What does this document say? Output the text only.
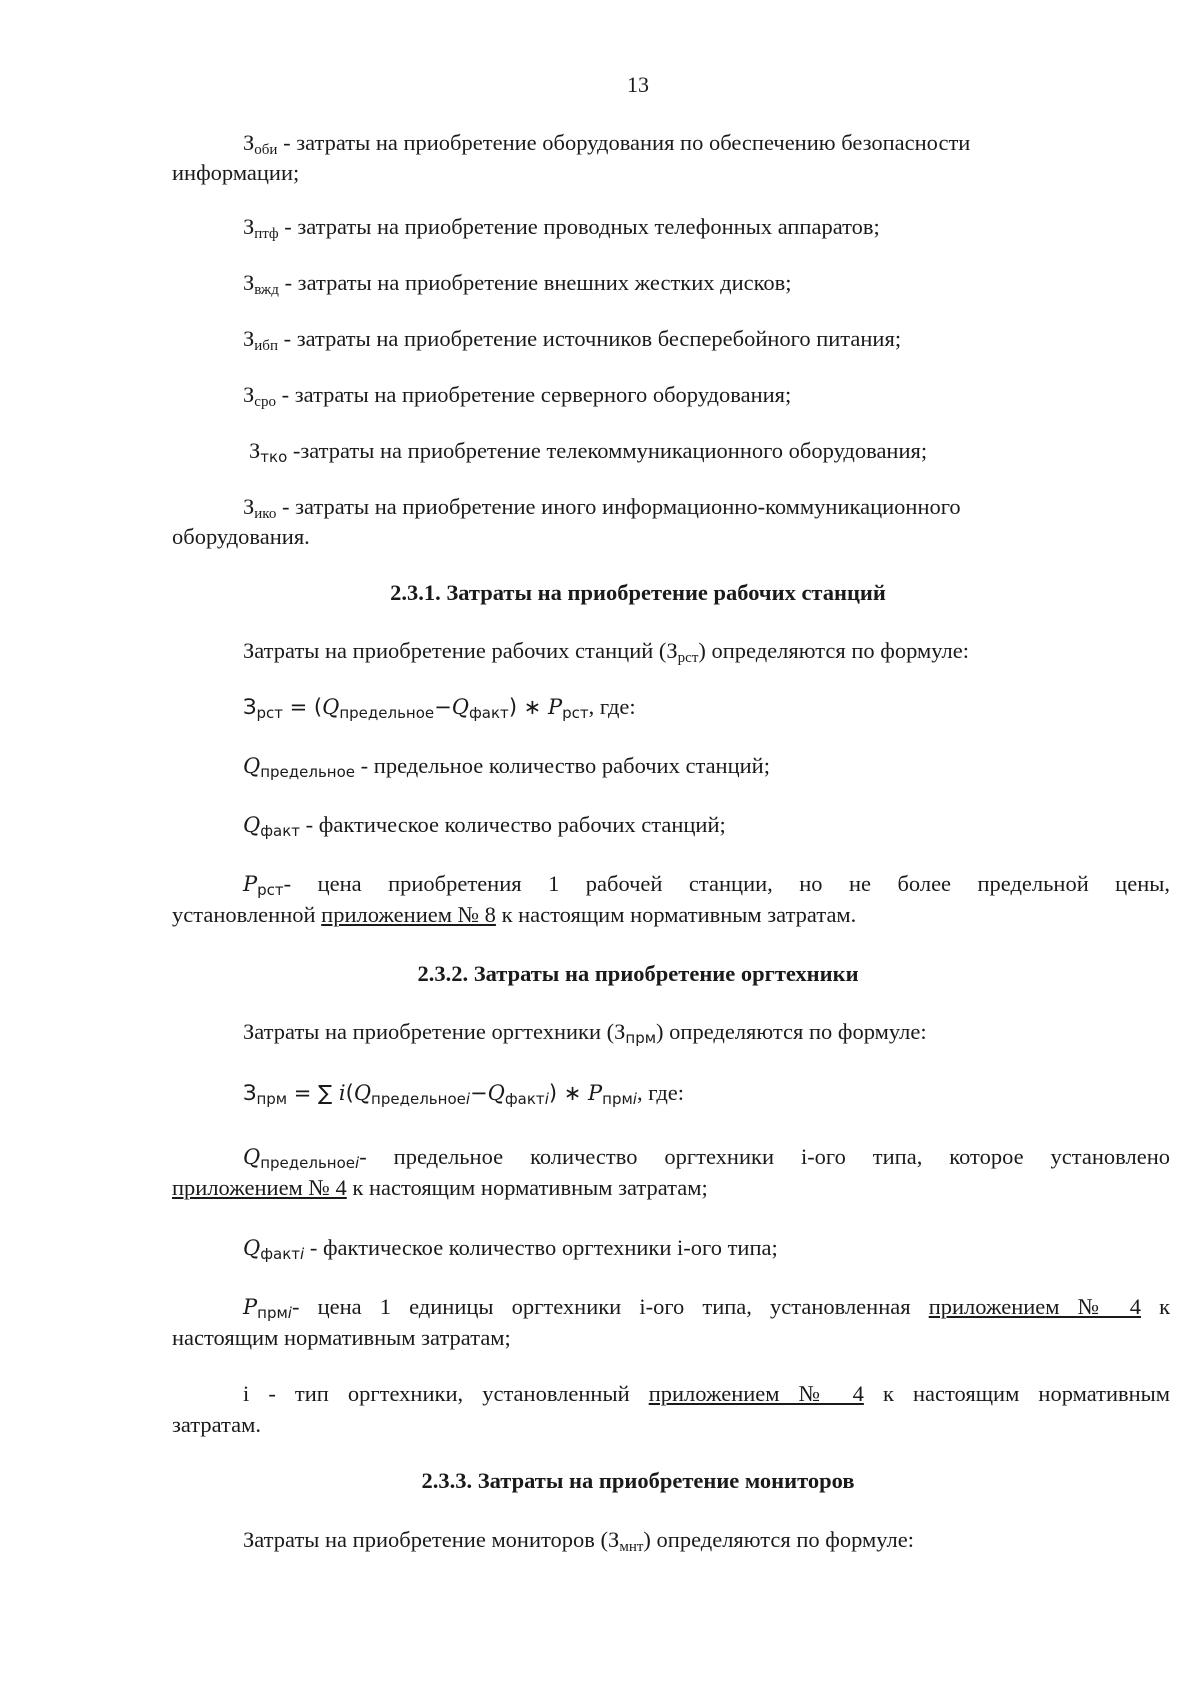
13
Зоби - затраты на приобретение оборудования по обеспечению безопасности
информации;
Зптф - затраты на приобретение проводных телефонных аппаратов;
Звжд - затраты на приобретение внешних жестких дисков;
Зибп - затраты на приобретение источников бесперебойного питания;
Зсро - затраты на приобретение серверного оборудования;
Зтко -затраты на приобретение телекоммуникационного оборудования;
Зико - затраты на приобретение иного информационно-коммуникационного
оборудования.
2.3.1. Затраты на приобретение рабочих станций
Затраты на приобретение рабочих станций (Зрст) определяются по формуле:
Зрст = (Qпредельное−Qфакт) ∗ Pрст, где:
Qпредельное - предельное количество рабочих станций;
Qфакт - фактическое количество рабочих станций;
Pрст- цена приобретения 1 рабочей станции, но не более предельной цены,
установленной приложением № 8 к настоящим нормативным затратам.
2.3.2. Затраты на приобретение оргтехники
Затраты на приобретение оргтехники (Зпрм) определяются по формуле:
Зпрм = ∑ i(Qпредельноеi−Qфактi) ∗ Pпрмi, где:
Qпредельноеi- предельное количество оргтехники i-ого типа, которое установлено
приложением № 4 к настоящим нормативным затратам;
Qфактi - фактическое количество оргтехники i-ого типа;
Pпрмi- цена 1 единицы оргтехники i-ого типа, установленная приложением № 4 к
настоящим нормативным затратам;
i - тип оргтехники, установленный приложением № 4 к настоящим нормативным
затратам.
2.3.3. Затраты на приобретение мониторов
Затраты на приобретение мониторов (Змнт) определяются по формуле:
